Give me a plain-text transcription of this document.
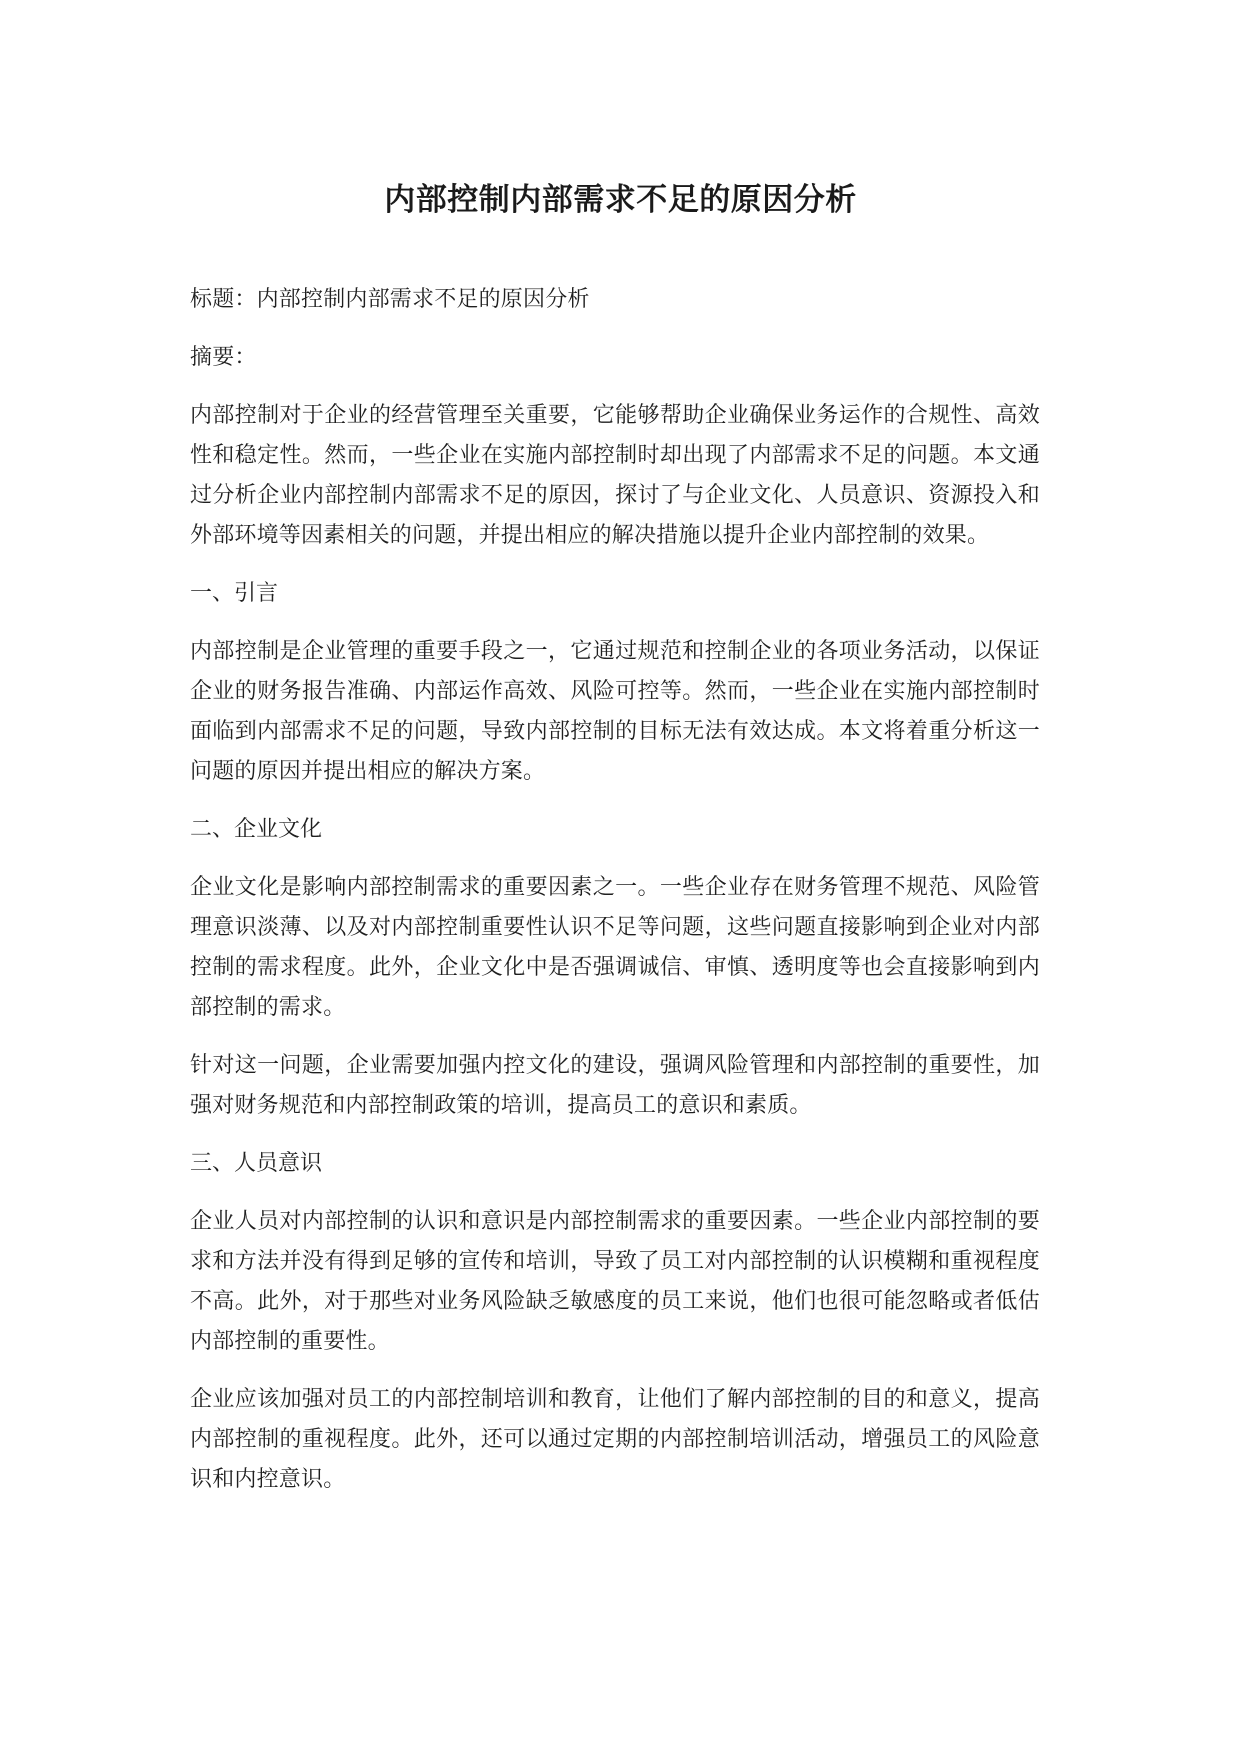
内部控制内部需求不足的原因分析

标题：内部控制内部需求不足的原因分析

摘要：

内部控制对于企业的经营管理至关重要，它能够帮助企业确保业务运作的合规性、高效性和稳定性。然而，一些企业在实施内部控制时却出现了内部需求不足的问题。本文通过分析企业内部控制内部需求不足的原因，探讨了与企业文化、人员意识、资源投入和外部环境等因素相关的问题，并提出相应的解决措施以提升企业内部控制的效果。

一、引言

内部控制是企业管理的重要手段之一，它通过规范和控制企业的各项业务活动，以保证企业的财务报告准确、内部运作高效、风险可控等。然而，一些企业在实施内部控制时面临到内部需求不足的问题，导致内部控制的目标无法有效达成。本文将着重分析这一问题的原因并提出相应的解决方案。

二、企业文化

企业文化是影响内部控制需求的重要因素之一。一些企业存在财务管理不规范、风险管理意识淡薄、以及对内部控制重要性认识不足等问题，这些问题直接影响到企业对内部控制的需求程度。此外，企业文化中是否强调诚信、审慎、透明度等也会直接影响到内部控制的需求。

针对这一问题，企业需要加强内控文化的建设，强调风险管理和内部控制的重要性，加强对财务规范和内部控制政策的培训，提高员工的意识和素质。

三、人员意识

企业人员对内部控制的认识和意识是内部控制需求的重要因素。一些企业内部控制的要求和方法并没有得到足够的宣传和培训，导致了员工对内部控制的认识模糊和重视程度不高。此外，对于那些对业务风险缺乏敏感度的员工来说，他们也很可能忽略或者低估内部控制的重要性。

企业应该加强对员工的内部控制培训和教育，让他们了解内部控制的目的和意义，提高内部控制的重视程度。此外，还可以通过定期的内部控制培训活动，增强员工的风险意识和内控意识。
